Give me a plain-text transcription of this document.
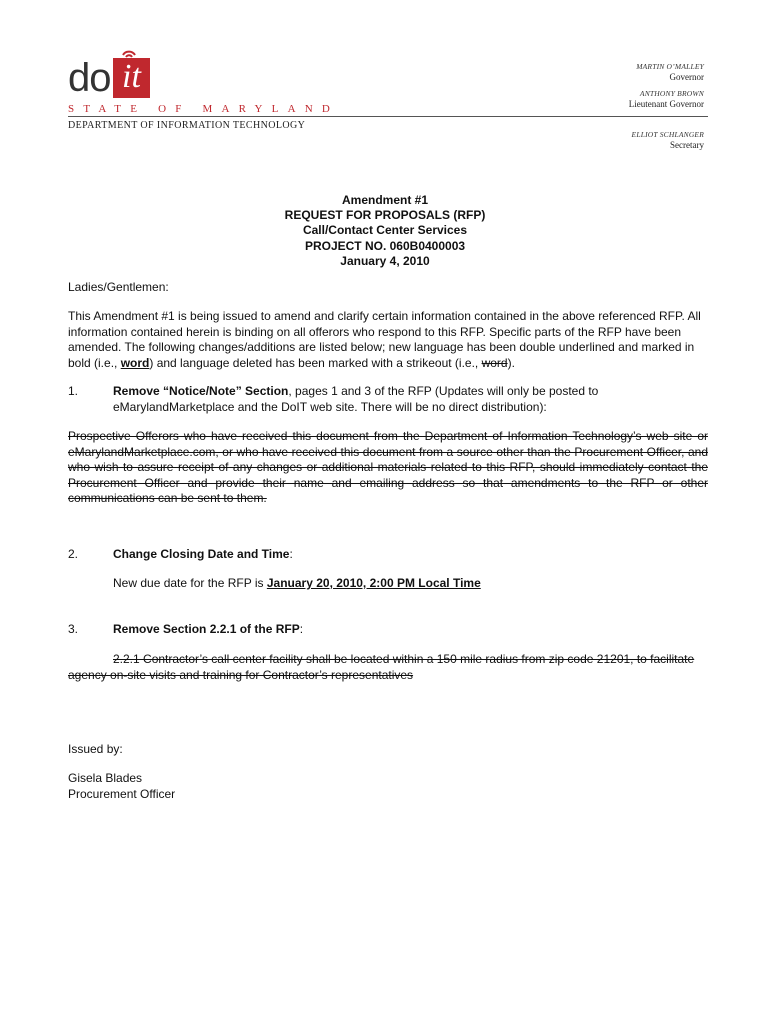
do it
STATE OF MARYLAND
DEPARTMENT OF INFORMATION TECHNOLOGY
MARTIN O’MALLEY
Governor
ANTHONY BROWN
Lieutenant Governor
ELLIOT SCHLANGER
Secretary
Amendment #1
REQUEST FOR PROPOSALS (RFP)
Call/Contact Center Services
PROJECT NO. 060B0400003
January 4, 2010
Ladies/Gentlemen:
This Amendment #1 is being issued to amend and clarify certain information contained in the above referenced RFP. All information contained herein is binding on all offerors who respond to this RFP. Specific parts of the RFP have been amended. The following changes/additions are listed below; new language has been double underlined and marked in bold (i.e., word) and language deleted has been marked with a strikeout (i.e., word).
1.	Remove “Notice/Note” Section, pages 1 and 3 of the RFP (Updates will only be posted to eMarylandMarketplace and the DoIT web site. There will be no direct distribution):
Prospective Offerors who have received this document from the Department of Information Technology’s web site or eMarylandMarketplace.com, or who have received this document from a source other than the Procurement Officer, and who wish to assure receipt of any changes or additional materials related to this RFP, should immediately contact the Procurement Officer and provide their name and emailing address so that amendments to the RFP or other communications can be sent to them.
2.	Change Closing Date and Time:
New due date for the RFP is January 20, 2010, 2:00 PM Local Time
3.	Remove Section 2.2.1 of the RFP:
2.2.1 Contractor’s call center facility shall be located within a 150 mile radius from zip code 21201, to facilitate agency on-site visits and training for Contractor’s representatives
Issued by:
Gisela Blades
Procurement Officer
